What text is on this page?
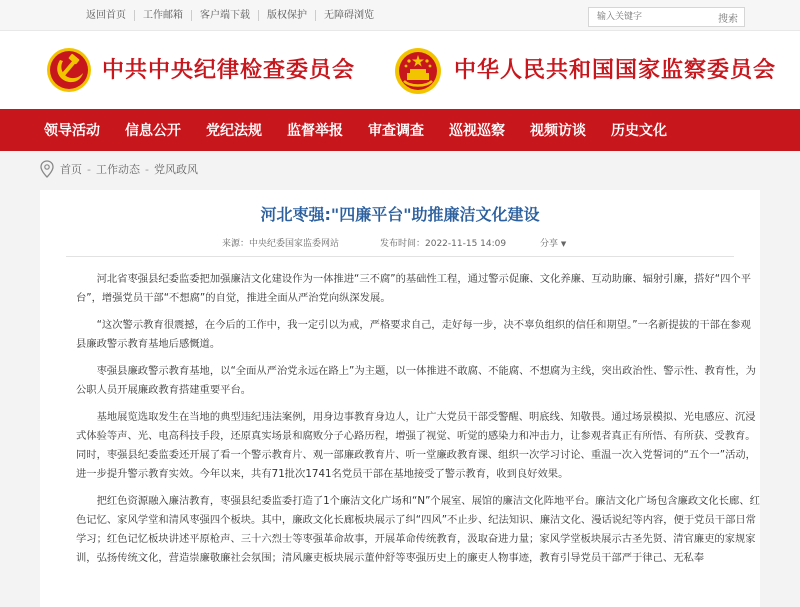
返回首页	工作邮箱	客户端下载	版权保护	无障碍浏览
输入关键字	搜索
中共中央纪律检查委员会	中华人民共和国国家监察委员会
领导活动 信息公开 党纪法规 监督举报 审查调查 巡视巡察 视频访谈 历史文化
首页 - 工作动态 - 党风政风
河北枣强:"四廉平台"助推廉洁文化建设
来源：中央纪委国家监委网站	发布时间：2022-11-15 14:09	分享 ▼

河北省枣强县纪委监委把加强廉洁文化建设作为一体推进“三不腐”的基础性工程，通过警示促廉、文化养廉、互动助廉、辐射引廉，搭好“四个平台”，增强党员干部“不想腐”的自觉，推进全面从严治党向纵深发展。

“这次警示教育很震撼，在今后的工作中，我一定引以为戒，严格要求自己，走好每一步，决不辜负组织的信任和期望。”一名新提拔的干部在参观县廉政警示教育基地后感慨道。

枣强县廉政警示教育基地，以“全面从严治党永远在路上”为主题，以一体推进不敢腐、不能腐、不想腐为主线，突出政治性、警示性、教育性，为公职人员开展廉政教育搭建重要平台。

基地展览选取发生在当地的典型违纪违法案例，用身边事教育身边人，让广大党员干部受警醒、明底线、知敬畏。通过场景模拟、光电感应、沉浸式体验等声、光、电高科技手段，还原真实场景和腐败分子心路历程，增强了视觉、听觉的感染力和冲击力，让参观者真正有所悟、有所获、受教育。同时，枣强县纪委监委还开展了看一个警示教育片、观一部廉政教育片、听一堂廉政教育课、组织一次学习讨论、重温一次入党誓词的“五个一”活动，进一步提升警示教育实效。今年以来，共有71批次1741名党员干部在基地接受了警示教育，收到良好效果。

把红色资源融入廉洁教育，枣强县纪委监委打造了1个廉洁文化广场和“N”个展室、展馆的廉洁文化阵地平台。廉洁文化广场包含廉政文化长廊、红色记忆、家风学堂和清风枣强四个板块。其中，廉政文化长廊板块展示了纠“四风”不止步、纪法知识、廉洁文化、漫话说纪等内容，便于党员干部日常学习；红色记忆板块讲述平原枪声、三十六烈士等枣强革命故事，开展革命传统教育，汲取奋进力量；家风学堂板块展示古圣先贤、清官廉吏的家规家训，弘扬传统文化，营造崇廉敬廉社会氛围；清风廉吏板块展示董仲舒等枣强历史上的廉吏人物事迹，教育引导党员干部严于律己、无私奉
